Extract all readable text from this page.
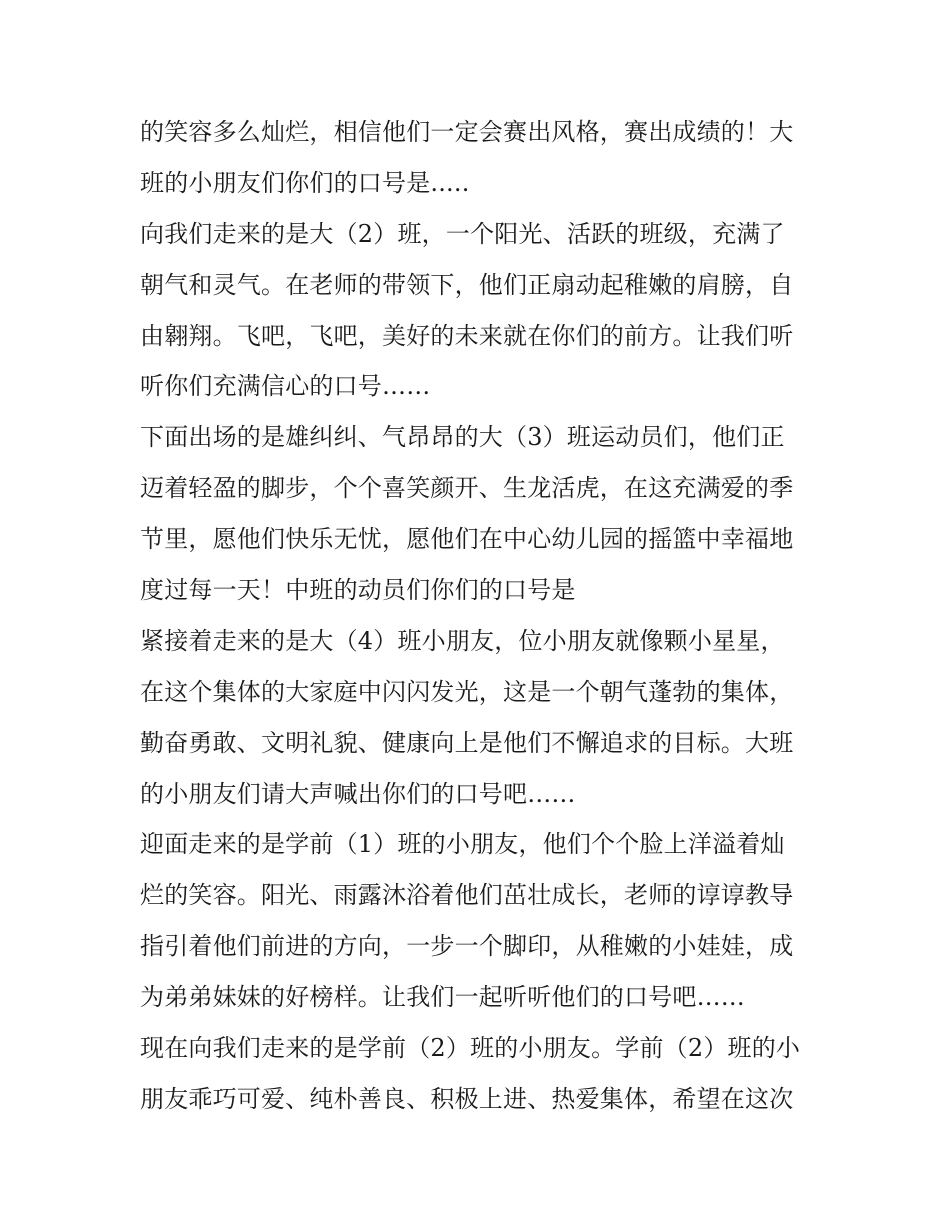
的笑容多么灿烂，相信他们一定会赛出风格，赛出成绩的！大
班的小朋友们你们的口号是.....
向我们走来的是大（2）班，一个阳光、活跃的班级，充满了
朝气和灵气。在老师的带领下，他们正扇动起稚嫩的肩膀，自
由翱翔。飞吧，飞吧，美好的未来就在你们的前方。让我们听
听你们充满信心的口号……
下面出场的是雄纠纠、气昂昂的大（3）班运动员们，他们正
迈着轻盈的脚步，个个喜笑颜开、生龙活虎，在这充满爱的季
节里，愿他们快乐无忧，愿他们在中心幼儿园的摇篮中幸福地
度过每一天！中班的动员们你们的口号是
紧接着走来的是大（4）班小朋友，位小朋友就像颗小星星，
在这个集体的大家庭中闪闪发光，这是一个朝气蓬勃的集体，
勤奋勇敢、文明礼貌、健康向上是他们不懈追求的目标。大班
的小朋友们请大声喊出你们的口号吧……
迎面走来的是学前（1）班的小朋友，他们个个脸上洋溢着灿
烂的笑容。阳光、雨露沐浴着他们茁壮成长，老师的谆谆教导
指引着他们前进的方向，一步一个脚印，从稚嫩的小娃娃，成
为弟弟妹妹的好榜样。让我们一起听听他们的口号吧……
现在向我们走来的是学前（2）班的小朋友。学前（2）班的小
朋友乖巧可爱、纯朴善良、积极上进、热爱集体，希望在这次
